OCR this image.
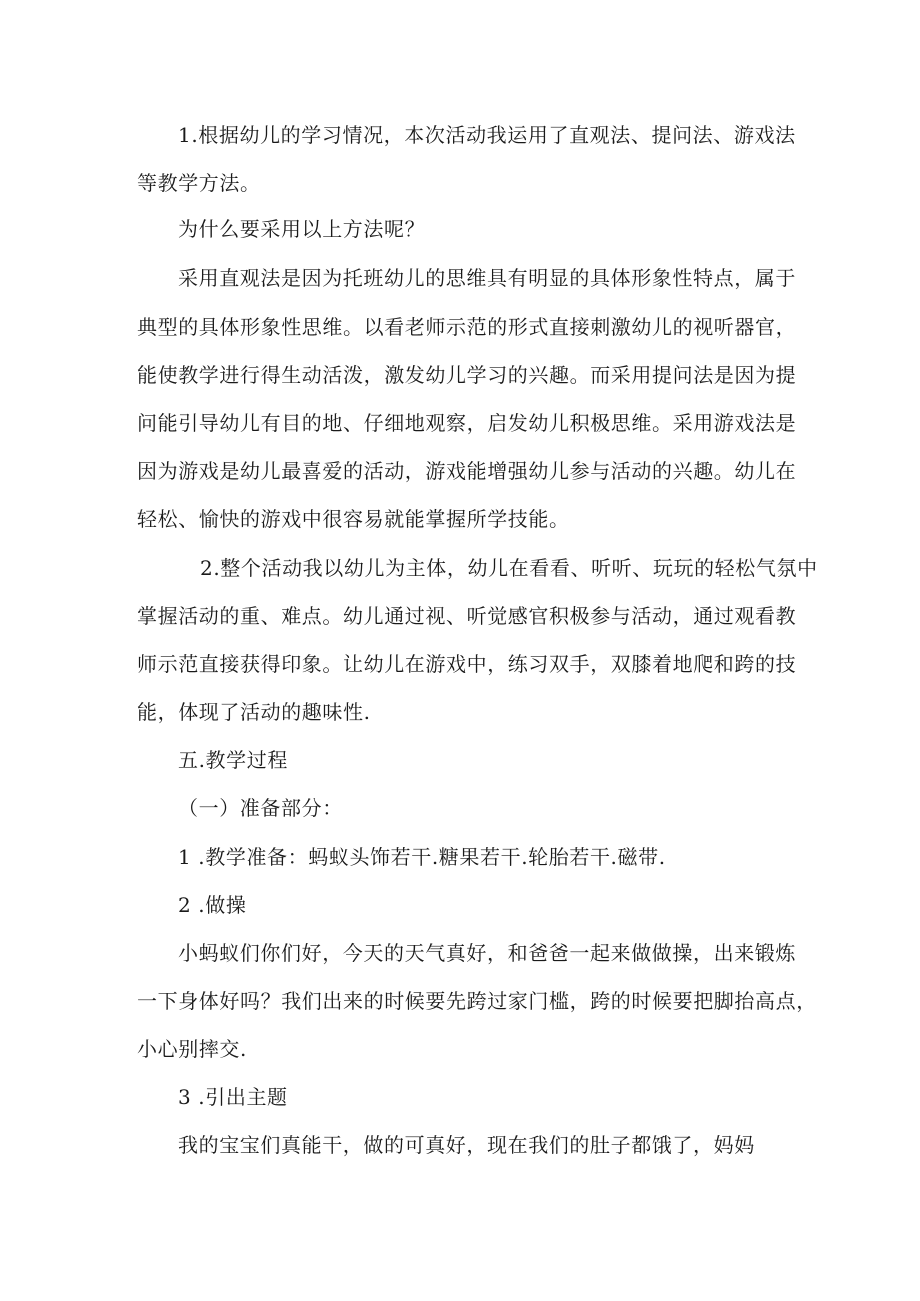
1.根据幼儿的学习情况，本次活动我运用了直观法、提问法、游戏法
等教学方法。
为什么要采用以上方法呢？
采用直观法是因为托班幼儿的思维具有明显的具体形象性特点，属于
典型的具体形象性思维。以看老师示范的形式直接刺激幼儿的视听器官，
能使教学进行得生动活泼，激发幼儿学习的兴趣。而采用提问法是因为提
问能引导幼儿有目的地、仔细地观察，启发幼儿积极思维。采用游戏法是
因为游戏是幼儿最喜爱的活动，游戏能增强幼儿参与活动的兴趣。幼儿在
轻松、愉快的游戏中很容易就能掌握所学技能。
2.整个活动我以幼儿为主体，幼儿在看看、听听、玩玩的轻松气氛中
掌握活动的重、难点。幼儿通过视、听觉感官积极参与活动，通过观看教
师示范直接获得印象。让幼儿在游戏中，练习双手，双膝着地爬和跨的技
能，体现了活动的趣味性.
五.教学过程
（一）准备部分：
1 .教学准备：蚂蚁头饰若干.糖果若干.轮胎若干.磁带.
2 .做操
小蚂蚁们你们好，今天的天气真好，和爸爸一起来做做操，出来锻炼
一下身体好吗？我们出来的时候要先跨过家门槛，跨的时候要把脚抬高点，
小心别摔交.
3 .引出主题
我的宝宝们真能干，做的可真好，现在我们的肚子都饿了，妈妈
